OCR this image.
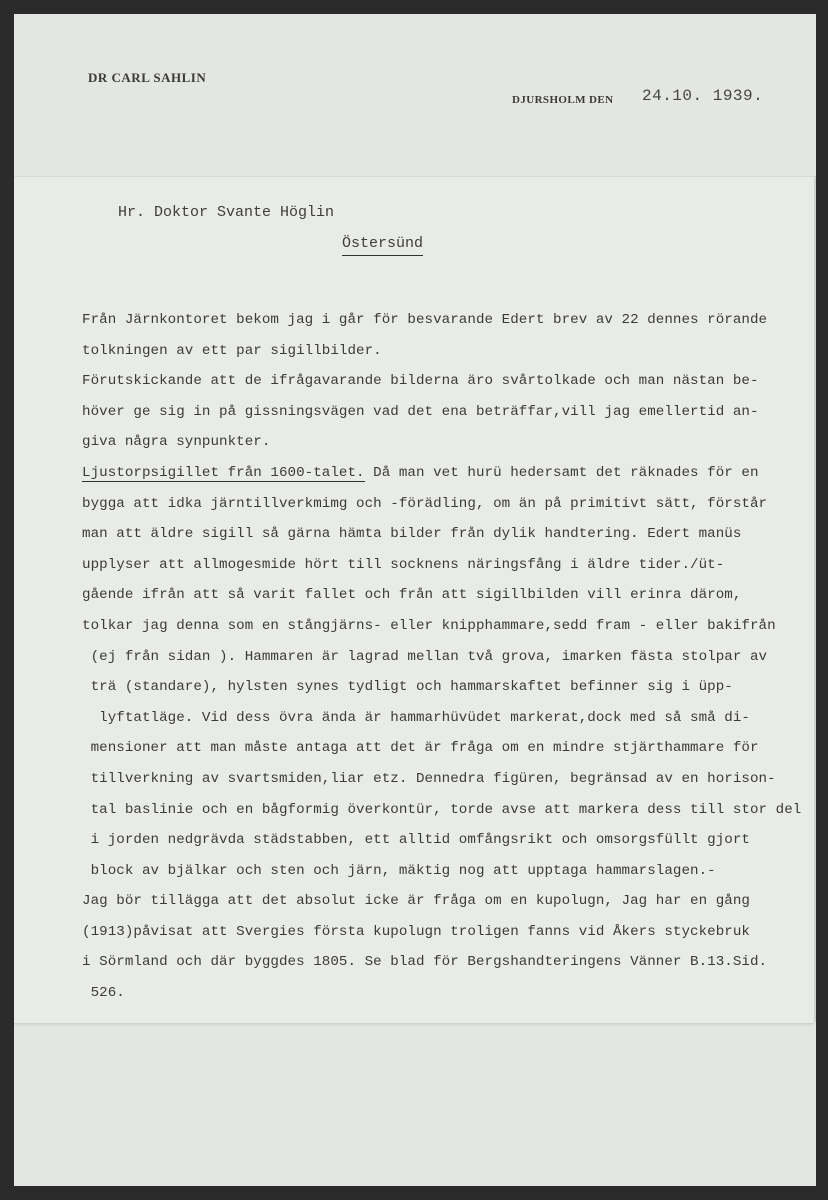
DR CARL SAHLIN
DJURSHOLM DEN 24.10. 1939.
Hr. Doktor Svante Höglin
Östersünd
Från Järnkontoret bekom jag i går för besvarande Edert brev av 22 dennes rörande
tolkningen av ett par sigillbilder.
Förutskickande att de ifrågavarande bilderna äro svårtolkade och man nästan be-
höver ge sig in på gissningsvägen vad det ena beträffar,vill jag emellertid an-
giva några synpunkter.
Ljustorpsigillet från 1600-talet. Då man vet hurü hedersamt det räknades för en
bygga att idka järntillverkmimg och -förädling, om än på primitivt sätt, förstår
man att äldre sigill så gärna hämta bilder från dylik handtering. Edert manüs
upplyser att allmogesmide hört till socknens näringsfång i äldre tider./üt-
gående ifrån att så varit fallet och från att sigillbilden vill erinra därom,
tolkar jag denna som en stångjärns- eller knipphammare,sedd fram - eller bakifrån
(ej från sidan ). Hammaren är lagrad mellan två grova, imarken fästa stolpar av
trä (standare), hylsten synes tydligt och hammarskaftet befinner sig i üpp-
lyftatläge. Vid dess övra ända är hammarhüvüdet markerat,dock med så små di-
mensioner att man måste antaga att det är fråga om en mindre stjärthammare för
tillverkning av svartsmiden,liar etz. Dennedra figüren, begränsad av en horison-
tal baslinie och en bågformig överkontür, torde avse att markera dess till stor del
i jorden nedgrävda städstabben, ett alltid omfångsrikt och omsorgsfüllt gjort
block av bjälkar och sten och järn, mäktig nog att upptaga hammarslagen.-
Jag bör tillägga att det absolut icke är fråga om en kupolugn, Jag har en gång
(1913)påvisat att Svergies första kupolugn troligen fanns vid Åkers styckebruk
i Sörmland och där byggdes 1805. Se blad för Bergshandteringens Vänner B.13.Sid.
526.
